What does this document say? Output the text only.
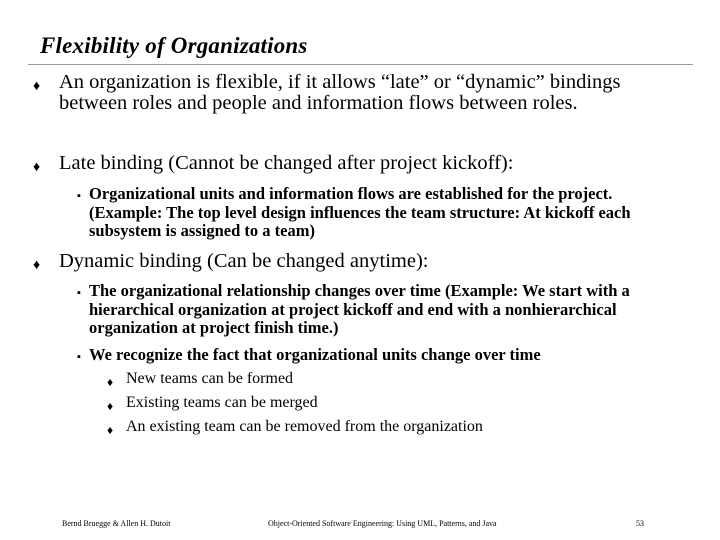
Flexibility of Organizations
♦ An organization is flexible, if it allows “late” or “dynamic” bindings between roles and people and information flows between roles.
♦ Late binding (Cannot be changed after project kickoff):
▪ Organizational units and information flows are established for the project. (Example: The top level design influences the team structure: At kickoff each subsystem is assigned to a team)
♦ Dynamic binding (Can be changed anytime):
▪ The organizational relationship changes over time (Example: We start with a hierarchical organization at project kickoff and end with a nonhierarchical organization at project finish time.)
▪ We recognize the fact that organizational units change over time
♦ New teams can be formed
♦ Existing teams can be merged
♦ An existing team can be removed from the organization
Bernd Bruegge & Allen H. Dutoit	Object-Oriented Software Engineering: Using UML, Patterns, and Java	53
